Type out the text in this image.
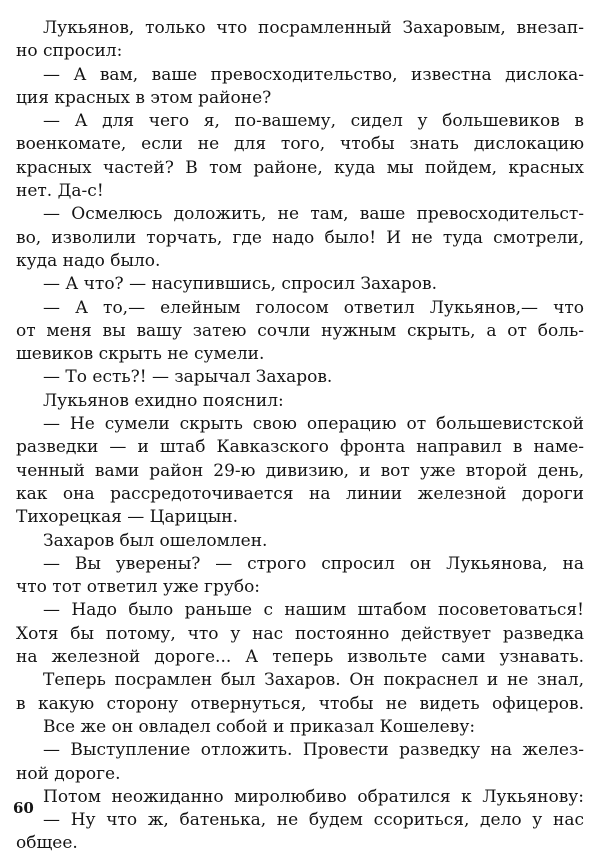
Лукьянов, только что посрамленный Захаровым, внезап-
но спросил:
— А вам, ваше превосходительство, известна дислока-
ция красных в этом районе?
— А для чего я, по-вашему, сидел у большевиков в
военкомате, если не для того, чтобы знать дислокацию
красных частей? В том районе, куда мы пойдем, красных
нет. Да-с!
— Осмелюсь доложить, не там, ваше превосходительст-
во, изволили торчать, где надо было! И не туда смотрели,
куда надо было.
— А что? — насупившись, спросил Захаров.
— А то,— елейным голосом ответил Лукьянов,— что
от меня вы вашу затею сочли нужным скрыть, а от боль-
шевиков скрыть не сумели.
— То есть?! — зарычал Захаров.
Лукьянов ехидно пояснил:
— Не сумели скрыть свою операцию от большевистской
разведки — и штаб Кавказского фронта направил в наме-
ченный вами район 29-ю дивизию, и вот уже второй день,
как она рассредоточивается на линии железной дороги
Тихорецкая — Царицын.
Захаров был ошеломлен.
— Вы уверены? — строго спросил он Лукьянова, на
что тот ответил уже грубо:
— Надо было раньше с нашим штабом посоветоваться!
Хотя бы потому, что у нас постоянно действует разведка
на железной дороге... А теперь извольте сами узнавать.
Теперь посрамлен был Захаров. Он покраснел и не знал,
в какую сторону отвернуться, чтобы не видеть офицеров.
Все же он овладел собой и приказал Кошелеву:
— Выступление отложить. Провести разведку на желез-
ной дороге.
Потом неожиданно миролюбиво обратился к Лукьянову:
— Ну что ж, батенька, не будем ссориться, дело у нас
общее.
60
